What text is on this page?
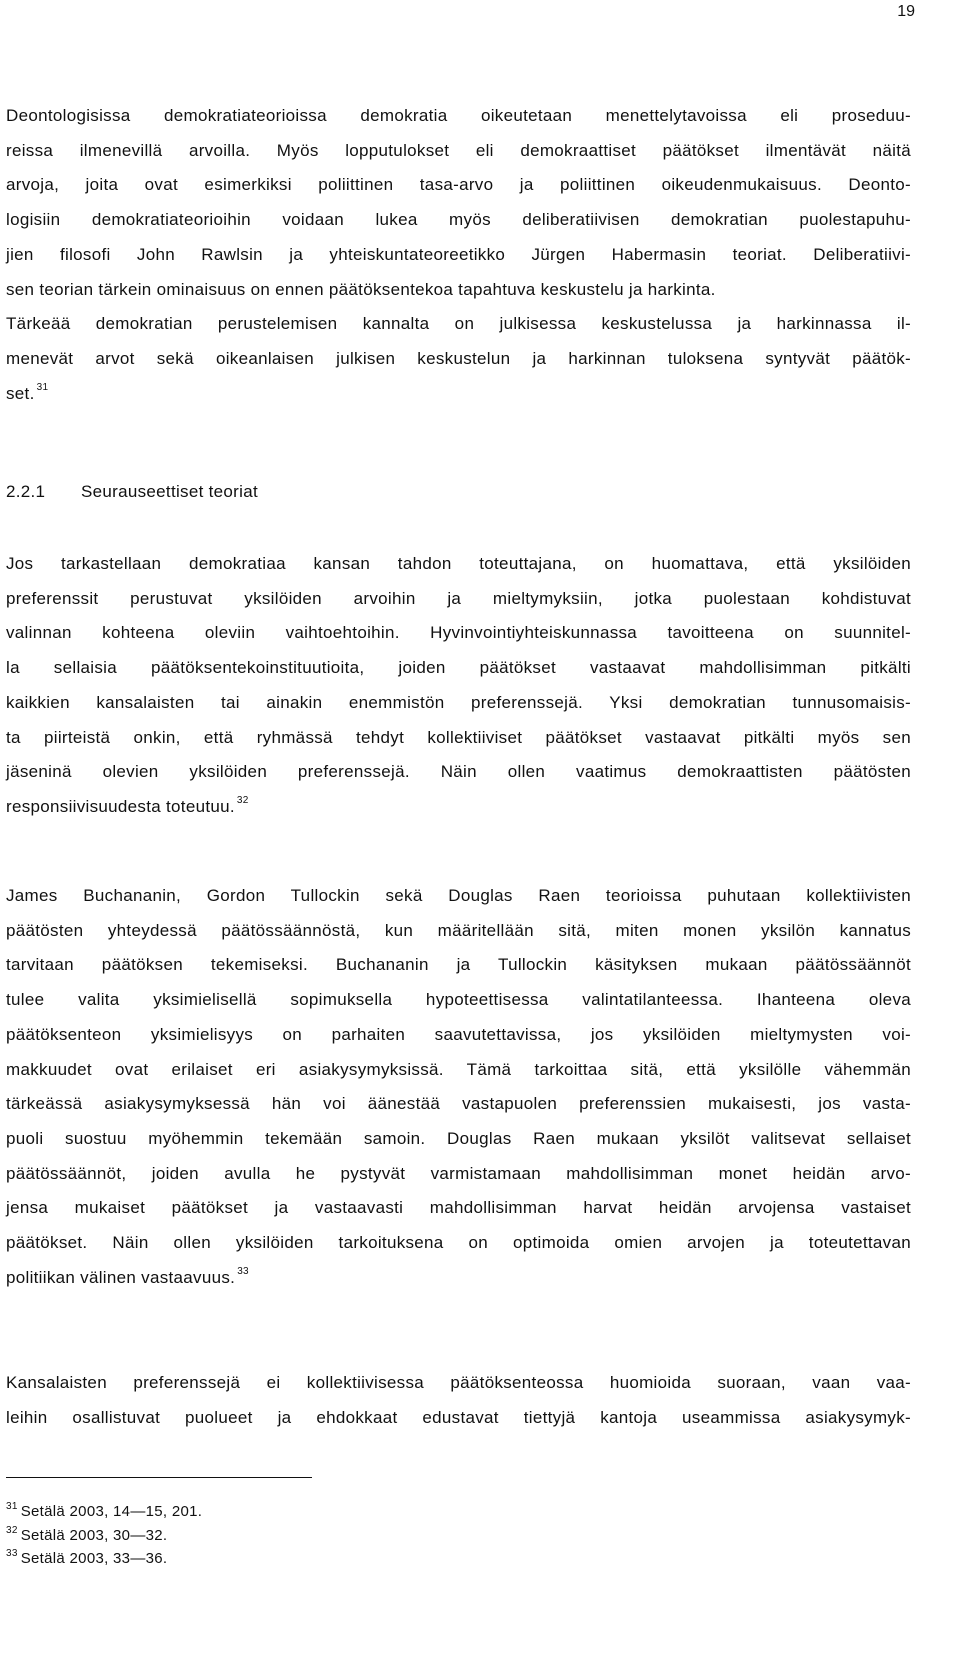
19
Deontologisissa demokratiateorioissa demokratia oikeutetaan menettelytavoissa eli proseduu-
reissa ilmenevillä arvoilla. Myös lopputulokset eli demokraattiset päätökset ilmentävät näitä
arvoja, joita ovat esimerkiksi poliittinen tasa-arvo ja poliittinen oikeudenmukaisuus. Deonto-
logisiin demokratiateorioihin voidaan lukea myös deliberatiivisen demokratian puolestapuhu-
jien filosofi John Rawlsin ja yhteiskuntateoreetikko Jürgen Habermasin teoriat. Deliberatiivi-
sen teorian tärkein ominaisuus on ennen päätöksentekoa tapahtuva keskustelu ja harkinta.
Tärkeää demokratian perustelemisen kannalta on julkisessa keskustelussa ja harkinnassa il-
menevät arvot sekä oikeanlaisen julkisen keskustelun ja harkinnan tuloksena syntyvät päätök-
set. $^{31}$
2.2.1 Seurauseettiset teoriat
Jos tarkastellaan demokratiaa kansan tahdon toteuttajana, on huomattava, että yksilöiden
preferenssit perustuvat yksilöiden arvoihin ja mieltymyksiin, jotka puolestaan kohdistuvat
valinnan kohteena oleviin vaihtoehtoihin. Hyvinvointiyhteiskunnassa tavoitteena on suunnitel-
la sellaisia päätöksentekoinstituutioita, joiden päätökset vastaavat mahdollisimman pitkälti
kaikkien kansalaisten tai ainakin enemmistön preferenssejä. Yksi demokratian tunnusomaisis-
ta piirteistä onkin, että ryhmässä tehdyt kollektiiviset päätökset vastaavat pitkälti myös sen
jäseninä olevien yksilöiden preferenssejä. Näin ollen vaatimus demokraattisten päätösten
responsiivisuudesta toteutuu. $^{32}$
James Buchananin, Gordon Tullockin sekä Douglas Raen teorioissa puhutaan kollektiivisten
päätösten yhteydessä päätössäännöstä, kun määritellään sitä, miten monen yksilön kannatus
tarvitaan päätöksen tekemiseksi. Buchananin ja Tullockin käsityksen mukaan päätössäännöt
tulee valita yksimielisellä sopimuksella hypoteettisessa valintatilanteessa. Ihanteena oleva
päätöksenteon yksimielisyys on parhaiten saavutettavissa, jos yksilöiden mieltymysten voi-
makkuudet ovat erilaiset eri asiakysymyksissä. Tämä tarkoittaa sitä, että yksilölle vähemmän
tärkeässä asiakysymyksessä hän voi äänestää vastapuolen preferenssien mukaisesti, jos vasta-
puoli suostuu myöhemmin tekemään samoin. Douglas Raen mukaan yksilöt valitsevat sellaiset
päätössäännöt, joiden avulla he pystyvät varmistamaan mahdollisimman monet heidän arvo-
jensa mukaiset päätökset ja vastaavasti mahdollisimman harvat heidän arvojensa vastaiset
päätökset. Näin ollen yksilöiden tarkoituksena on optimoida omien arvojen ja toteutettavan
politiikan välinen vastaavuus. $^{33}$
Kansalaisten preferenssejä ei kollektiivisessa päätöksenteossa huomioida suoraan, vaan vaa-
leihin osallistuvat puolueet ja ehdokkaat edustavat tiettyjä kantoja useammissa asiakysymyk-
$^{31}$ Setälä 2003, 14—15, 201.
$^{32}$ Setälä 2003, 30—32.
$^{33}$ Setälä 2003, 33—36.
